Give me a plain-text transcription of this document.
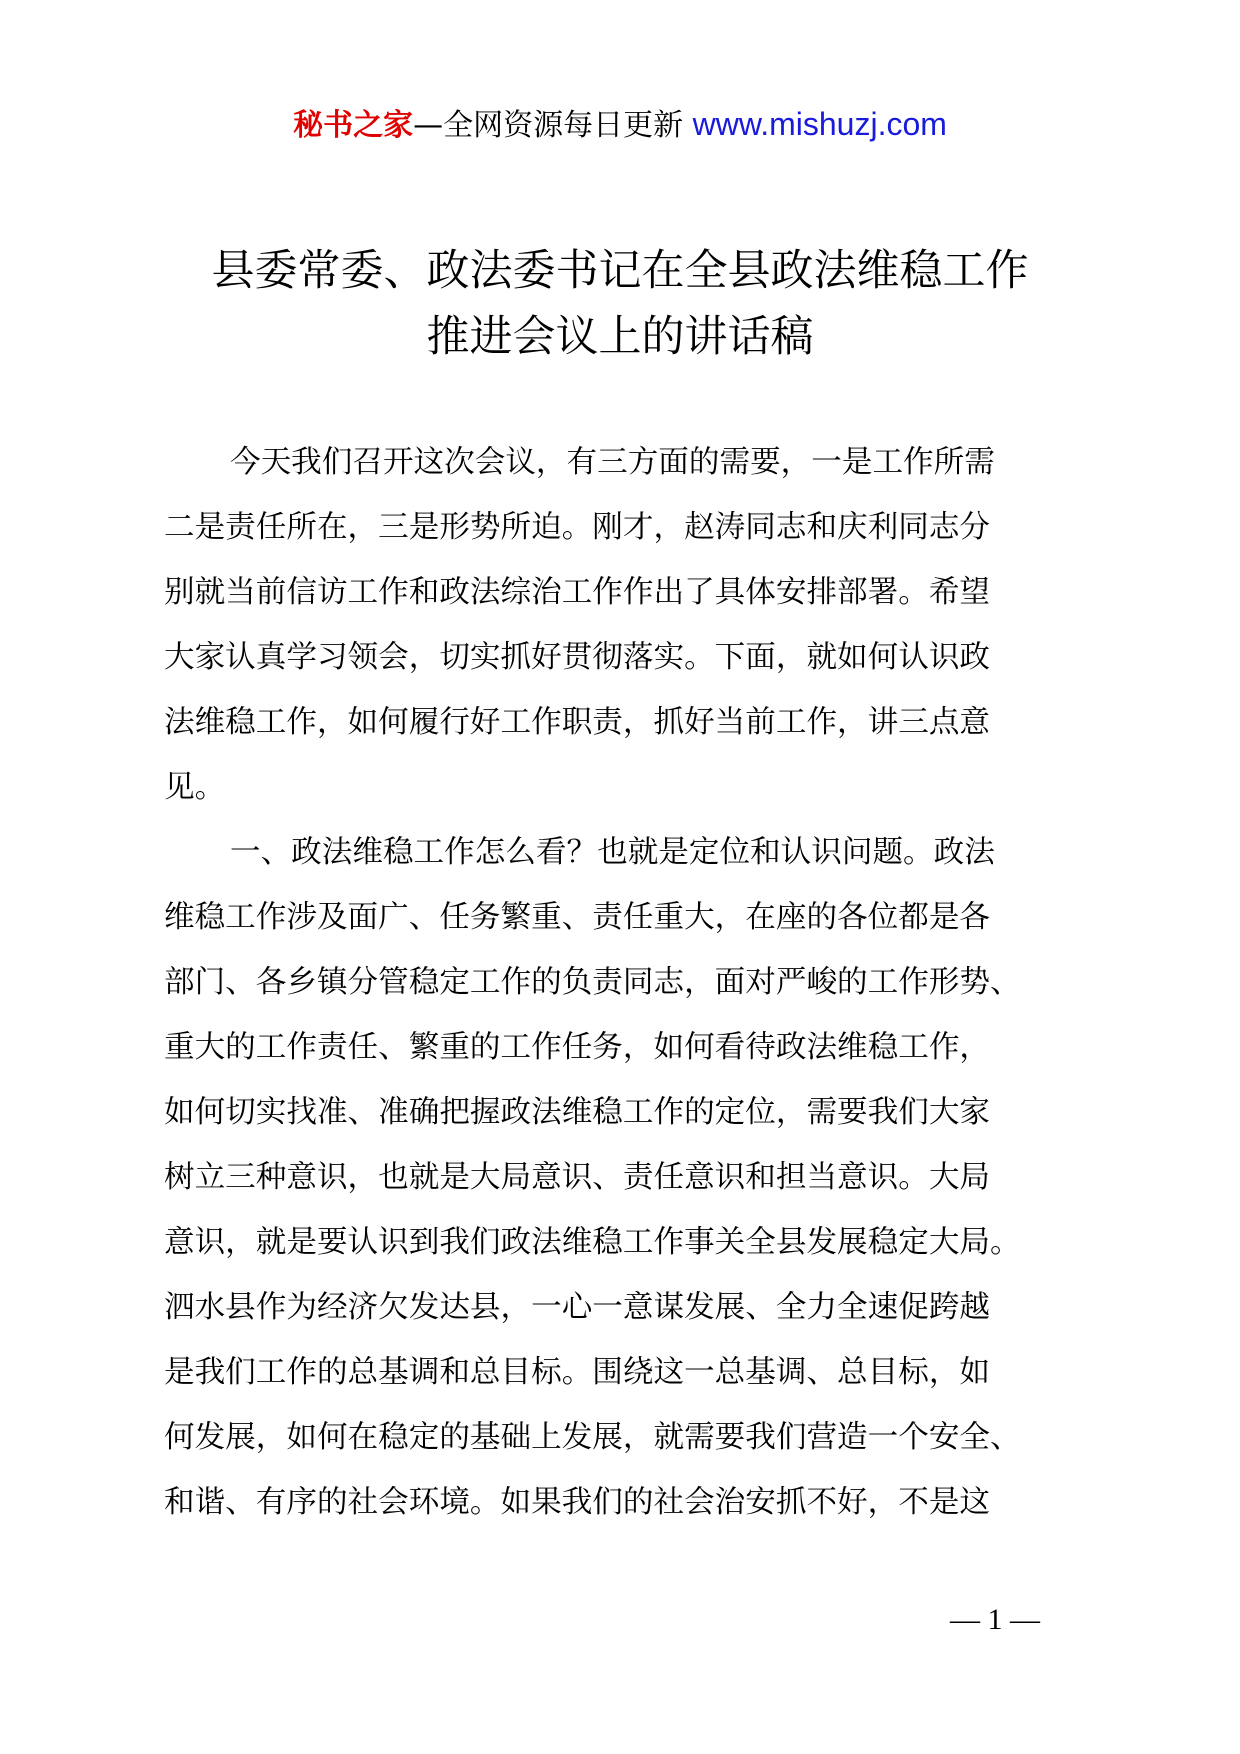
秘书之家—全网资源每日更新 www.mishuzj.com
县委常委、政法委书记在全县政法维稳工作
推进会议上的讲话稿
今天我们召开这次会议，有三方面的需要，一是工作所需
二是责任所在，三是形势所迫。刚才，赵涛同志和庆利同志分
别就当前信访工作和政法综治工作作出了具体安排部署。希望
大家认真学习领会，切实抓好贯彻落实。下面，就如何认识政
法维稳工作，如何履行好工作职责，抓好当前工作，讲三点意
见。
一、政法维稳工作怎么看？也就是定位和认识问题。政法
维稳工作涉及面广、任务繁重、责任重大，在座的各位都是各
部门、各乡镇分管稳定工作的负责同志，面对严峻的工作形势、
重大的工作责任、繁重的工作任务，如何看待政法维稳工作，
如何切实找准、准确把握政法维稳工作的定位，需要我们大家
树立三种意识，也就是大局意识、责任意识和担当意识。大局
意识，就是要认识到我们政法维稳工作事关全县发展稳定大局。
泗水县作为经济欠发达县，一心一意谋发展、全力全速促跨越
是我们工作的总基调和总目标。围绕这一总基调、总目标，如
何发展，如何在稳定的基础上发展，就需要我们营造一个安全、
和谐、有序的社会环境。如果我们的社会治安抓不好，不是这
— 1 —
